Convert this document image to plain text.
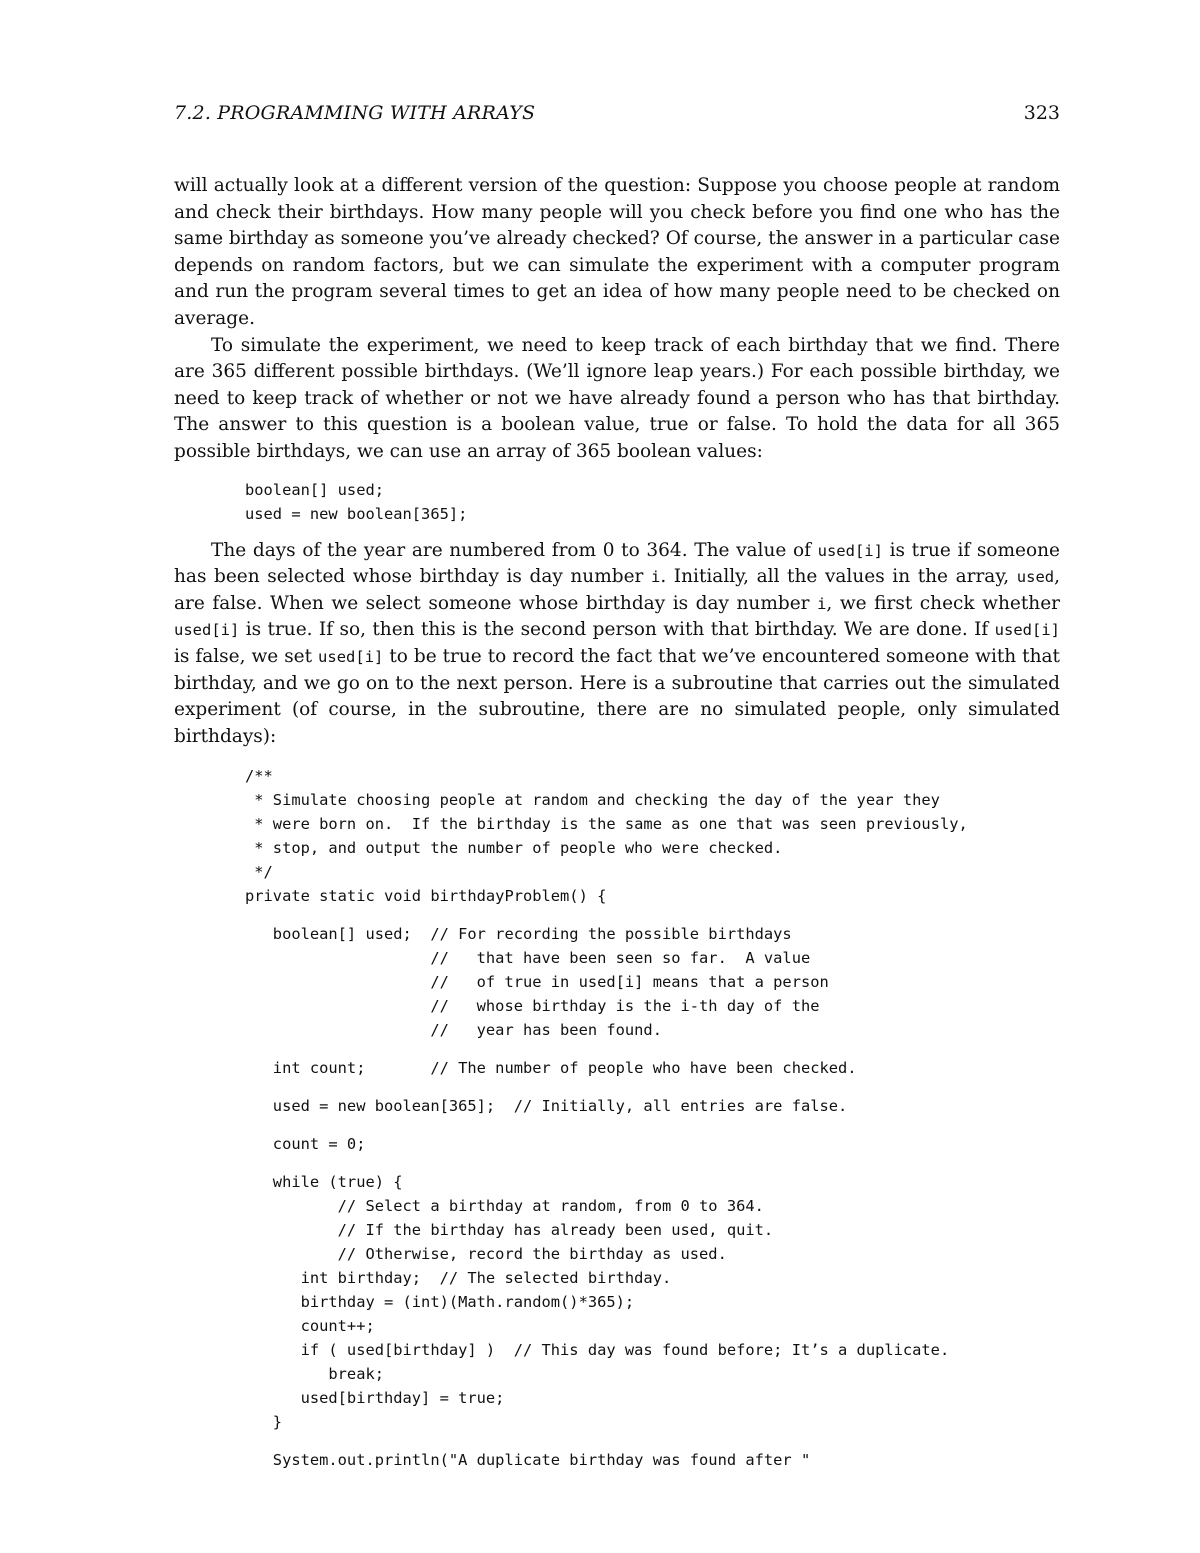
7.2. PROGRAMMING WITH ARRAYS	323

will actually look at a different version of the question: Suppose you choose people at random and check their birthdays. How many people will you check before you find one who has the same birthday as someone you’ve already checked? Of course, the answer in a particular case depends on random factors, but we can simulate the experiment with a computer program and run the program several times to get an idea of how many people need to be checked on average.

To simulate the experiment, we need to keep track of each birthday that we find. There are 365 different possible birthdays. (We’ll ignore leap years.) For each possible birthday, we need to keep track of whether or not we have already found a person who has that birthday. The answer to this question is a boolean value, true or false. To hold the data for all 365 possible birthdays, we can use an array of 365 boolean values:

boolean[] used;
used = new boolean[365];

The days of the year are numbered from 0 to 364. The value of used[i] is true if someone has been selected whose birthday is day number i. Initially, all the values in the array, used, are false. When we select someone whose birthday is day number i, we first check whether used[i] is true. If so, then this is the second person with that birthday. We are done. If used[i] is false, we set used[i] to be true to record the fact that we’ve encountered someone with that birthday, and we go on to the next person. Here is a subroutine that carries out the simulated experiment (of course, in the subroutine, there are no simulated people, only simulated birthdays):

/**
* Simulate choosing people at random and checking the day of the year they
* were born on.  If the birthday is the same as one that was seen previously,
* stop, and output the number of people who were checked.
*/
private static void birthdayProblem() {
boolean[] used;  // For recording the possible birthdays
//   that have been seen so far.  A value
//   of true in used[i] means that a person
//   whose birthday is the i-th day of the
//   year has been found.
int count;       // The number of people who have been checked.
used = new boolean[365];  // Initially, all entries are false.
count = 0;
while (true) {
// Select a birthday at random, from 0 to 364.
// If the birthday has already been used, quit.
// Otherwise, record the birthday as used.
int birthday;  // The selected birthday.
birthday = (int)(Math.random()*365);
count++;
if ( used[birthday] )  // This day was found before; It’s a duplicate.
break;
used[birthday] = true;
}
System.out.println("A duplicate birthday was found after "
